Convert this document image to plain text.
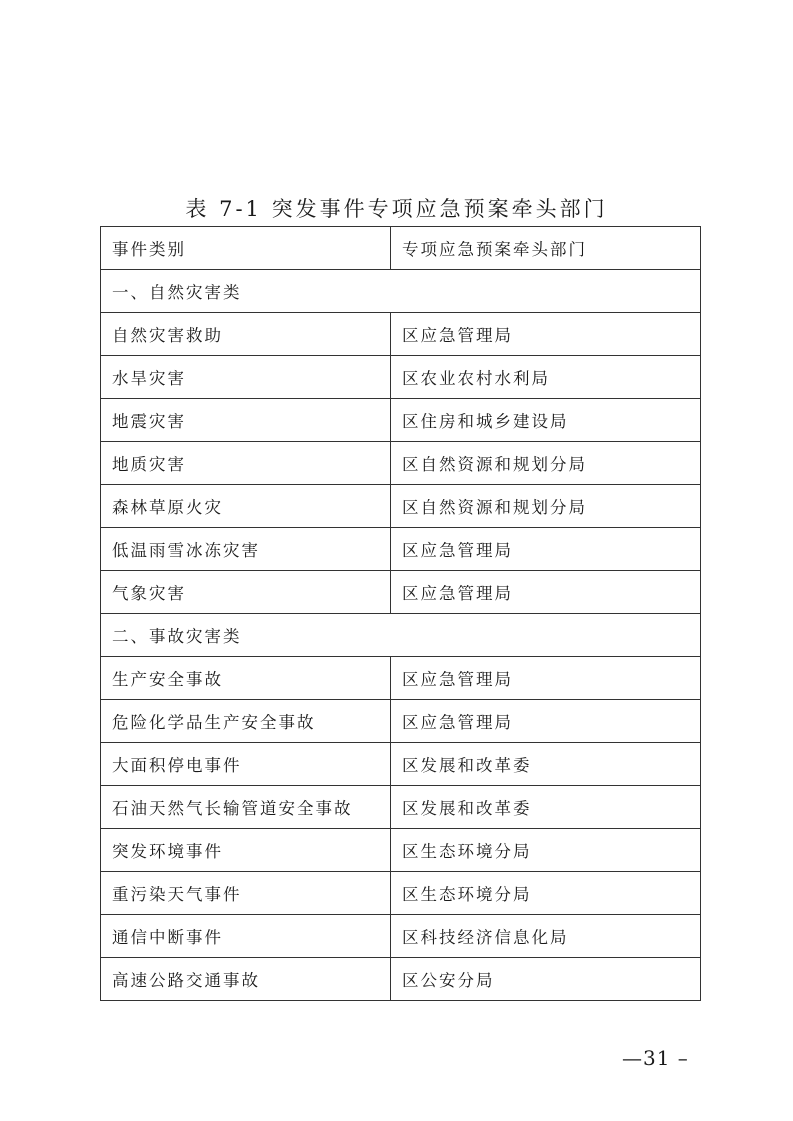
表 7-1 突发事件专项应急预案牵头部门
事件类别	专项应急预案牵头部门
一、自然灾害类	
自然灾害救助	区应急管理局
水旱灾害	区农业农村水利局
地震灾害	区住房和城乡建设局
地质灾害	区自然资源和规划分局
森林草原火灾	区自然资源和规划分局
低温雨雪冰冻灾害	区应急管理局
气象灾害	区应急管理局
二、事故灾害类	
生产安全事故	区应急管理局
危险化学品生产安全事故	区应急管理局
大面积停电事件	区发展和改革委
石油天然气长输管道安全事故	区发展和改革委
突发环境事件	区生态环境分局
重污染天气事件	区生态环境分局
通信中断事件	区科技经济信息化局
高速公路交通事故	区公安分局
—31 –
